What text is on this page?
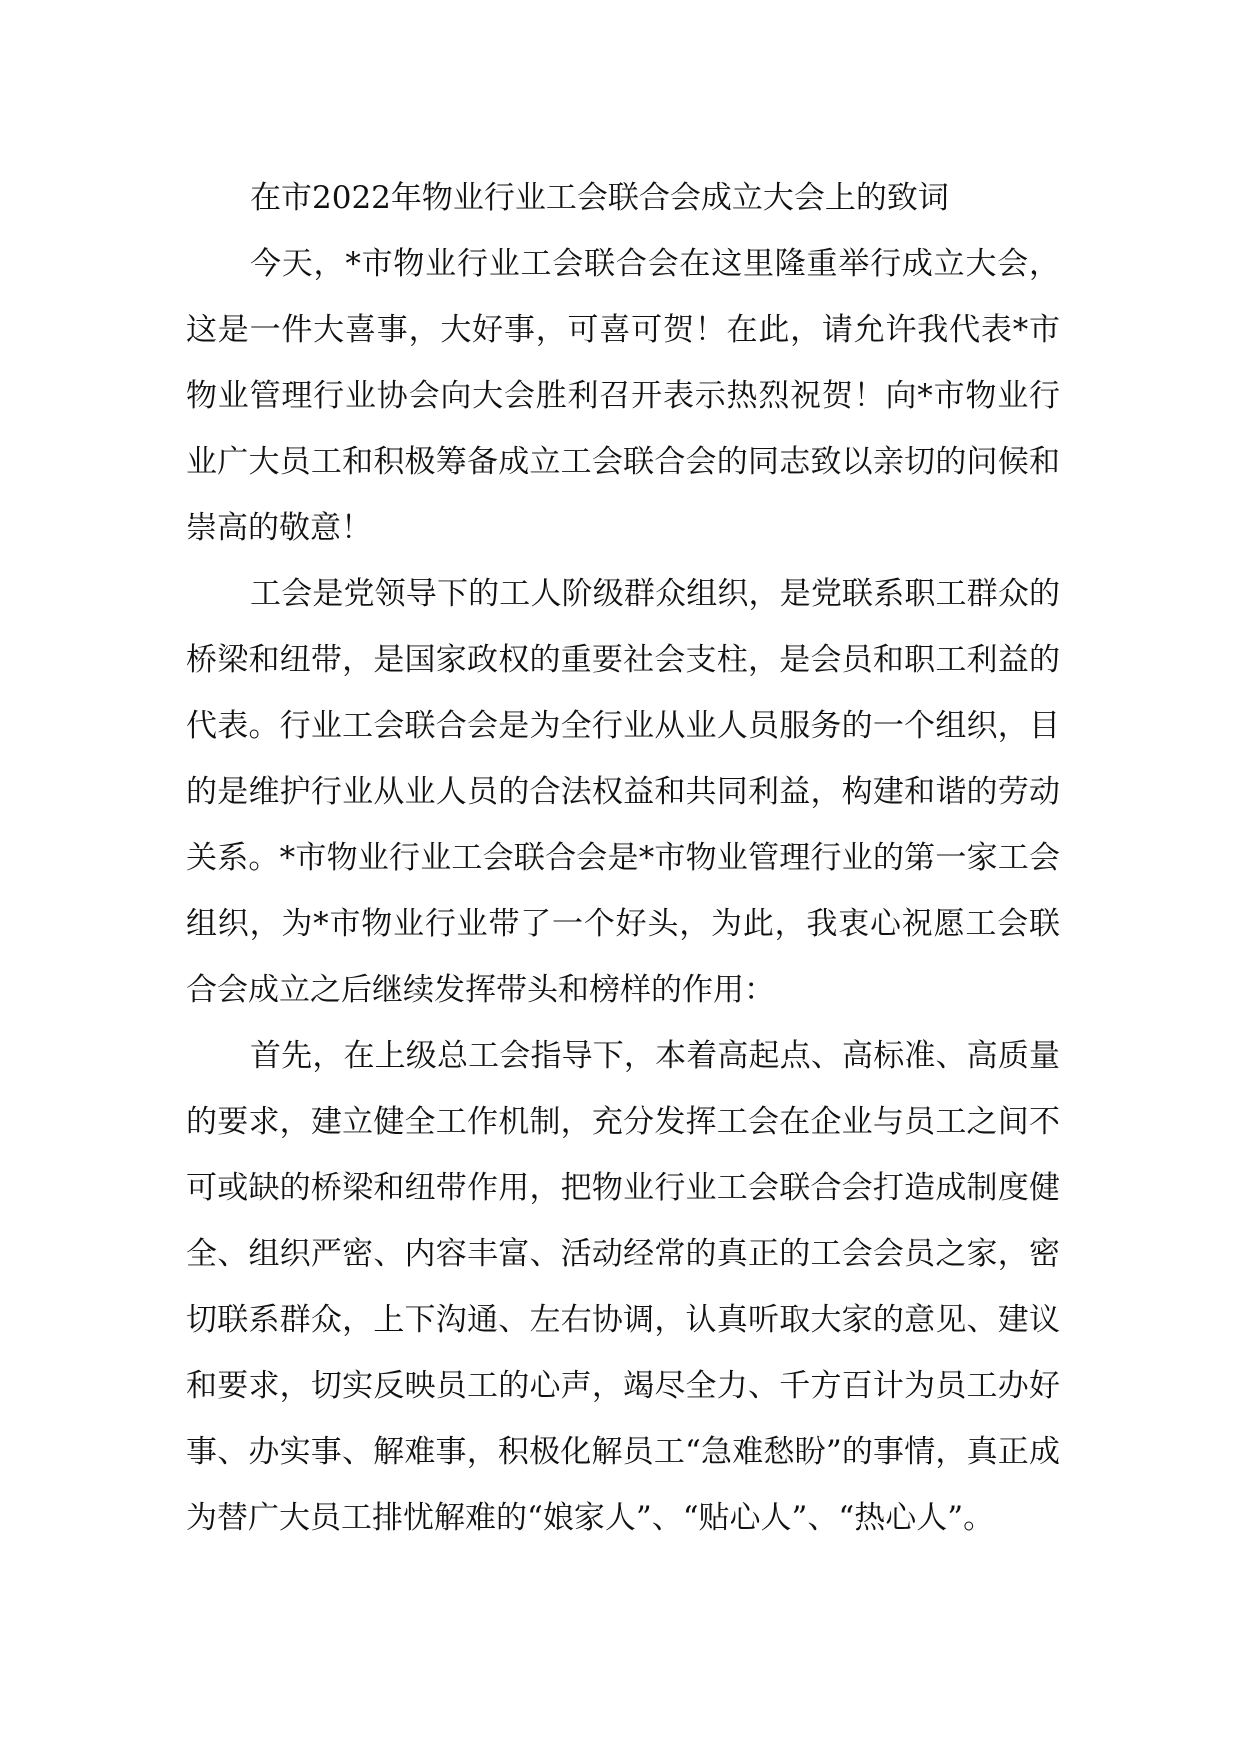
在市2022年物业行业工会联合会成立大会上的致词

今天，*市物业行业工会联合会在这里隆重举行成立大会，这是一件大喜事，大好事，可喜可贺！在此，请允许我代表*市物业管理行业协会向大会胜利召开表示热烈祝贺！向*市物业行业广大员工和积极筹备成立工会联合会的同志致以亲切的问候和崇高的敬意！

工会是党领导下的工人阶级群众组织，是党联系职工群众的桥梁和纽带，是国家政权的重要社会支柱，是会员和职工利益的代表。行业工会联合会是为全行业从业人员服务的一个组织，目的是维护行业从业人员的合法权益和共同利益，构建和谐的劳动关系。*市物业行业工会联合会是*市物业管理行业的第一家工会组织，为*市物业行业带了一个好头，为此，我衷心祝愿工会联合会成立之后继续发挥带头和榜样的作用：

首先，在上级总工会指导下，本着高起点、高标准、高质量的要求，建立健全工作机制，充分发挥工会在企业与员工之间不可或缺的桥梁和纽带作用，把物业行业工会联合会打造成制度健全、组织严密、内容丰富、活动经常的真正的工会会员之家，密切联系群众，上下沟通、左右协调，认真听取大家的意见、建议和要求，切实反映员工的心声，竭尽全力、千方百计为员工办好事、办实事、解难事，积极化解员工“急难愁盼”的事情，真正成为替广大员工排忧解难的“娘家人”、“贴心人”、“热心人”。
